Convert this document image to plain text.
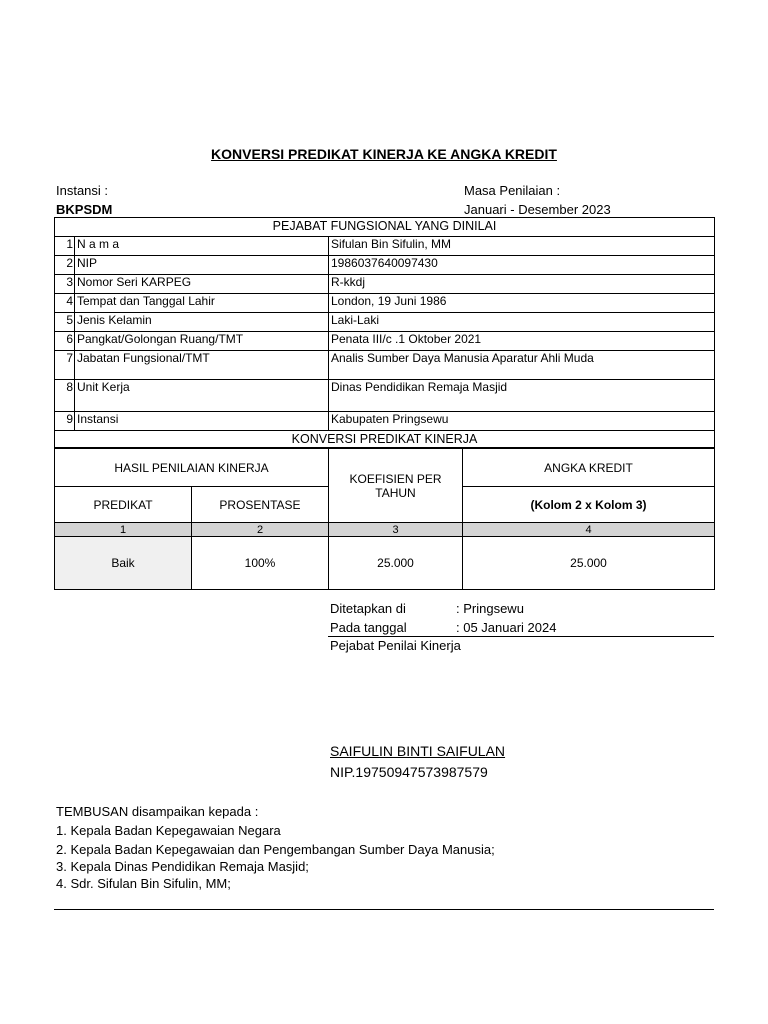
KONVERSI PREDIKAT KINERJA KE ANGKA KREDIT
Instansi :
BKPSDM
Masa Penilaian :
Januari - Desember 2023
PEJABAT FUNGSIONAL YANG DINILAI		
1	N a m a	Sifulan Bin Sifulin, MM
2	NIP	1986037640097430
3	Nomor Seri KARPEG	R-kkdj
4	Tempat dan Tanggal Lahir	London, 19 Juni 1986
5	Jenis Kelamin	Laki-Laki
6	Pangkat/Golongan Ruang/TMT	Penata III/c .1 Oktober 2021
7	Jabatan Fungsional/TMT	Analis Sumber Daya Manusia Aparatur Ahli Muda
8	Unit Kerja	Dinas Pendidikan Remaja Masjid
9	Instansi	Kabupaten Pringsewu
KONVERSI PREDIKAT KINERJA		
HASIL PENILAIAN KINERJA		KOEFISIEN PER TAHUN	ANGKA KREDIT
PREDIKAT	PROSENTASE		(Kolom 2 x Kolom 3)
1	2	3	4
Baik	100%	25.000	25.000
Ditetapkan di	: Pringsewu
Pada tanggal	: 05 Januari 2024
Pejabat Penilai Kinerja
SAIFULIN BINTI SAIFULAN
NIP.19750947573987579
TEMBUSAN disampaikan kepada :
1. Kepala Badan Kepegawaian Negara
2. Kepala Badan Kepegawaian dan Pengembangan Sumber Daya Manusia;
3. Kepala Dinas Pendidikan Remaja Masjid;
4. Sdr. Sifulan Bin Sifulin, MM;
